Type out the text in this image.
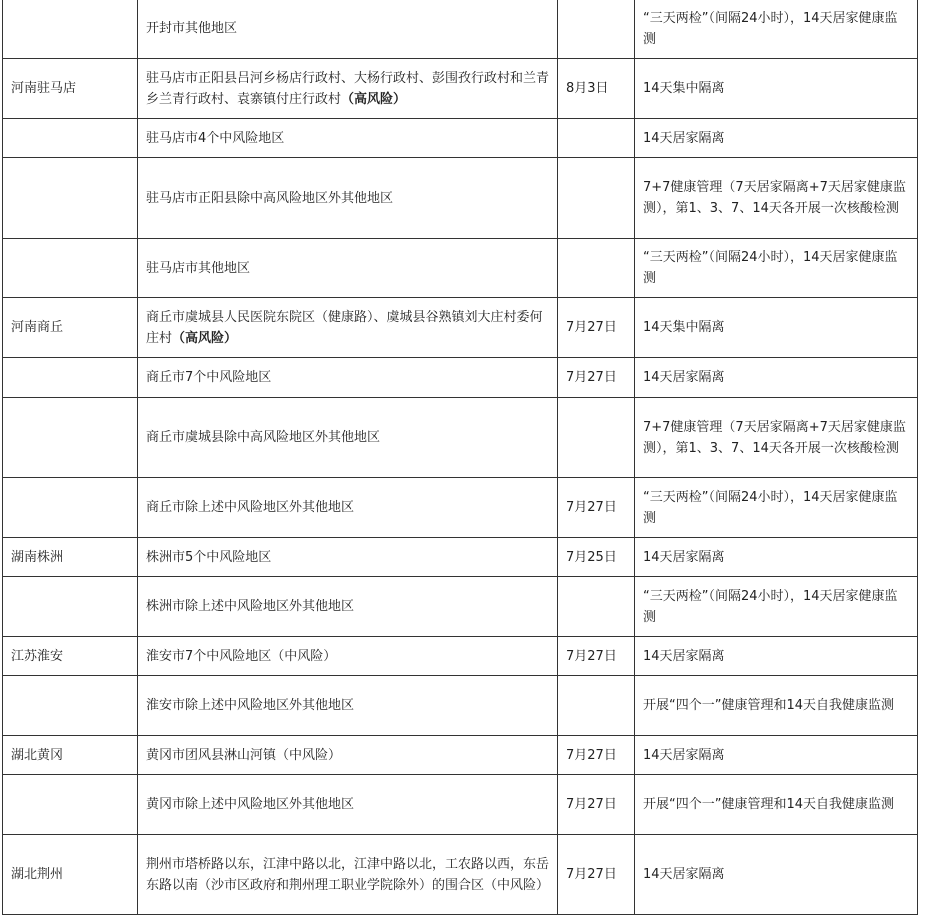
	开封市其他地区		“三天两检”（间隔24小时），14天居家健康监测
河南驻马店	驻马店市正阳县吕河乡杨店行政村、大杨行政村、彭围孜行政村和兰青乡兰青行政村、袁寨镇付庄行政村（高风险）	8月3日	14天集中隔离
	驻马店市4个中风险地区		14天居家隔离
	驻马店市正阳县除中高风险地区外其他地区		7+7健康管理（7天居家隔离+7天居家健康监测），第1、3、7、14天各开展一次核酸检测
	驻马店市其他地区		“三天两检”（间隔24小时），14天居家健康监测
河南商丘	商丘市虞城县人民医院东院区（健康路）、虞城县谷熟镇刘大庄村委何庄村（高风险）	7月27日	14天集中隔离
	商丘市7个中风险地区	7月27日	14天居家隔离
	商丘市虞城县除中高风险地区外其他地区		7+7健康管理（7天居家隔离+7天居家健康监测），第1、3、7、14天各开展一次核酸检测
	商丘市除上述中风险地区外其他地区	7月27日	“三天两检”（间隔24小时），14天居家健康监测
湖南株洲	株洲市5个中风险地区	7月25日	14天居家隔离
	株洲市除上述中风险地区外其他地区		“三天两检”（间隔24小时），14天居家健康监测
江苏淮安	淮安市7个中风险地区（中风险）	7月27日	14天居家隔离
	淮安市除上述中风险地区外其他地区		开展“四个一”健康管理和14天自我健康监测
湖北黄冈	黄冈市团风县淋山河镇（中风险）	7月27日	14天居家隔离
	黄冈市除上述中风险地区外其他地区	7月27日	开展“四个一”健康管理和14天自我健康监测
湖北荆州	荆州市塔桥路以东，江津中路以北，江津中路以北，工农路以西，东岳东路以南（沙市区政府和荆州理工职业学院除外）的围合区（中风险）	7月27日	14天居家隔离
